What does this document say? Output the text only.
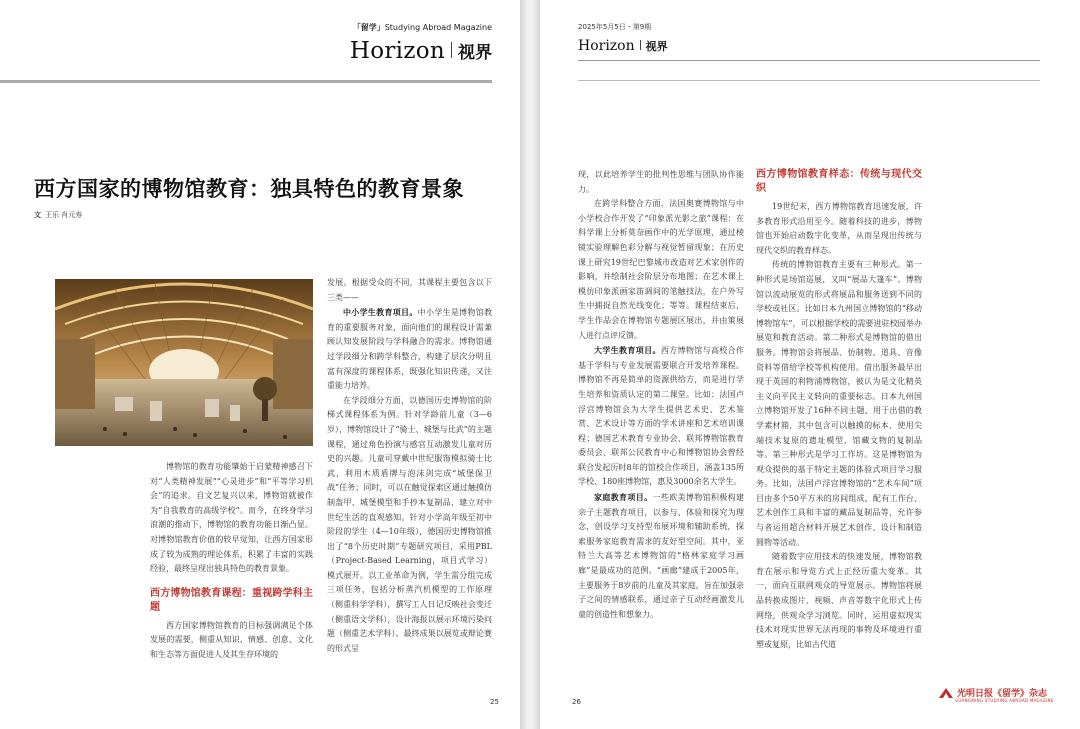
「留学」Studying Abroad Magazine
Horizon 视界
西方国家的博物馆教育：独具特色的教育景象
文 王乐 肖元寿

博物馆的教育功能肇始于启蒙精神感召下对“人类精神发展”“心灵进步”和“平等学习机会”的追求。自文艺复兴以来，博物馆就被作为“自我教育的高级学校”。而今，在终身学习浪潮的推动下，博物馆的教育功能日渐凸显。对博物馆教育价值的较早觉知，让西方国家形成了较为成熟的理论体系，积累了丰富的实践经验，最终呈现出独具特色的教育景象。

西方博物馆教育课程：重视跨学科主题

西方国家博物馆教育的目标强调满足个体发展的需要，侧重从知识、情感、创意、文化和生态等方面促进人及其生存环境的

发展。根据受众的不同，其课程主要包含以下三类——

中小学生教育项目。中小学生是博物馆教育的重要服务对象，面向他们的课程设计需兼顾认知发展阶段与学科融合的需求。博物馆通过学段细分和跨学科整合，构建了层次分明且富有深度的课程体系，既强化知识传递，又注重能力培养。

在学段细分方面，以德国历史博物馆的阶梯式课程体系为例。针对学龄前儿童（3—6岁），博物馆设计了“骑士、城堡与比武”的主题课程，通过角色扮演与感官互动激发儿童对历史的兴趣。儿童可穿戴中世纪服饰模拟骑士比武，利用木质盾牌与泡沫剑完成“城堡保卫战”任务；同时，可以在触觉探索区通过触摸仿制盔甲、城堡模型和手抄本复制品，建立对中世纪生活的直观感知。针对小学高年级至初中阶段的学生（4—10年级），德国历史博物馆推出了“8个历史时期”专题研究项目，采用PBL（Project-Based Learning，项目式学习）模式展开。以工业革命为例，学生需分组完成三项任务，包括分析蒸汽机模型的工作原理（侧重科学学科），撰写工人日记反映社会变迁（侧重语文学科），设计海报以展示环境污染问题（侧重艺术学科）。最终成果以展览或辩论赛的形式呈

25
2025年5月5日・第9期
Horizon 视界

现，以此培养学生的批判性思维与团队协作能力。

在跨学科整合方面，法国奥赛博物馆与中小学校合作开发了“印象派光影之旅”课程：在科学课上分析莫奈画作中的光学原理，通过棱镜实验理解色彩分解与视觉暂留现象；在历史课上研究19世纪巴黎城市改造对艺术家创作的影响，并绘制社会阶层分布地图；在艺术课上模仿印象派画家笛调间的笔触技法，在户外写生中捕捉自然光线变化；等等。课程结束后，学生作品会在博物馆专题展区展出，并由策展人进行点评反馈。

大学生教育项目。西方博物馆与高校合作基于学科与专业发展需要联合开发培养课程。博物馆不再是简单的资源供给方，而是进行学生培养和资质认定的第二课堂。比如：法国卢浮宫博物馆会为大学生提供艺术史、艺术鉴赏、艺术设计等方面的学术讲座和艺术培训课程；德国艺术教育专业协会、联邦博物馆教育委员会、联邦公民教育中心和博物馆协会曾经联合发起历时8年的馆校合作项目，涵盖135所学校、180座博物馆，惠及3000余名大学生。

家庭教育项目。一些欧美博物馆积极构建亲子主题教育项目，以参与、体验和探究为理念，创设学习支持型布展环境和辅助系统，探索服务家庭教育需求的友好型空间。其中，亚特兰大高等艺术博物馆的“格林家庭学习画廊”是最成功的范例。“画廊”建成于2005年，主要服务于8岁前的儿童及其家庭，旨在加强亲子之间的情感联系，通过亲子互动经画激发儿童的创造性和想象力。

西方博物馆教育样态：传统与现代交织

19世纪末，西方博物馆教育迅速发展，许多教育形式沿用至今。随着科技的进步，博物馆也开始启动数字化变革，从而呈现出传统与现代交织的教育样态。

传统的博物馆教育主要有三种形式。第一种形式是场馆巡展，又叫“展品大篷车”。博物馆以流动展览的形式将展品和服务送到不同的学校或社区。比如日本九州国立博物馆的“移动博物馆车”，可以根据学校的需要进驻校园举办展览和教育活动。第二种形式是博物馆的借出服务。博物馆会将展品、仿制物、道具、音像资料等借给学校等机构使用。借出服务最早出现于英国的利物浦博物馆，被认为是文化精英主义向平民主义转向的重要标志。日本九州国立博物馆开发了16种不同主题、用于出借的教学素材箱，其中包含可以触摸的标本、使用尖端技术复原的遗址模型、馆藏文物的复制品等。第三种形式是学习工作坊。这是博物馆为观众提供的基于特定主题的体验式项目学习服务。比如，法国卢浮宫博物馆的“艺术车间”项目由多个50平方米的房间组成，配有工作台、艺术创作工具和丰富的藏品复制品等，允许参与者运用超合材料开展艺术创作、设计和制造圆物等活动。

随着数字应用技术的快速发展，博物馆教育在展示和导览方式上正经历重大变革。其一，面向互联网观众的导览展示。博物馆将展品转换成图片、视频、声音等数字化形式上传网络，供观众学习浏览。同时，运用虚拟现实技术对现实世界无法再现的事物及环境进行重塑或复原，比如古代道

26
光明日报《留学》杂志
GUANGMING STUDYING ABROAD MAGAZINE
